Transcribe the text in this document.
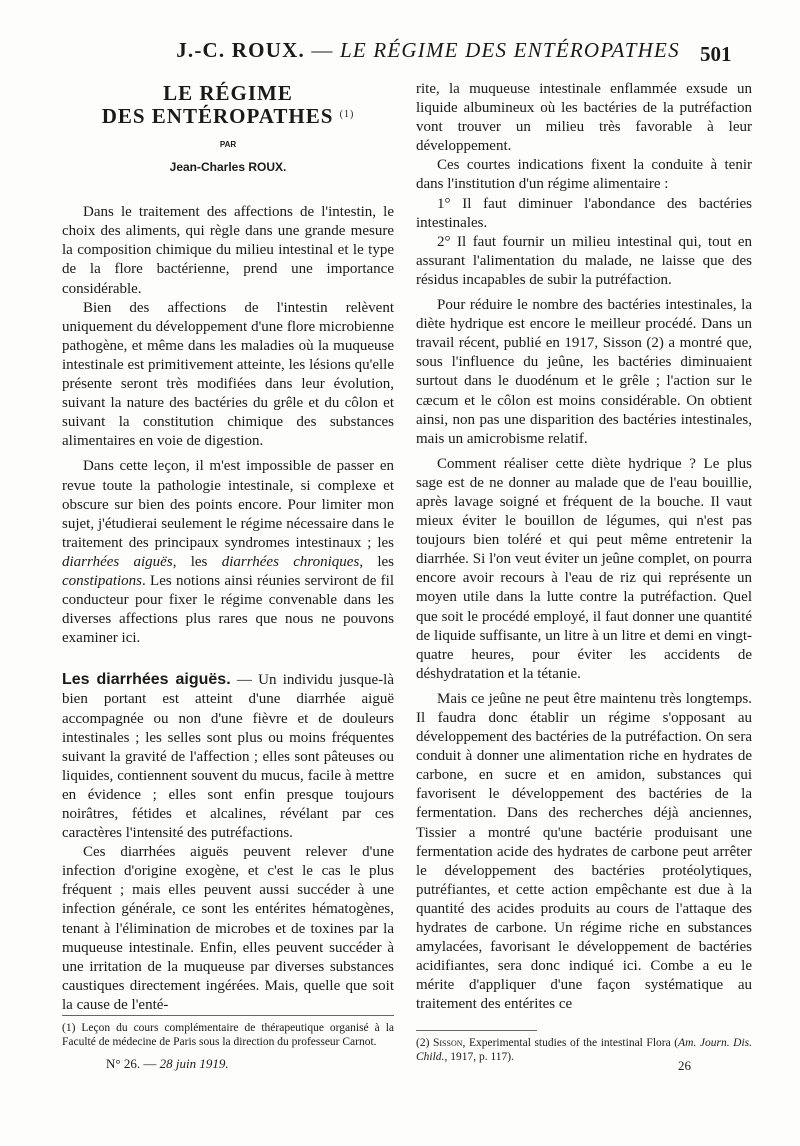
J.-C. ROUX. — LE RÉGIME DES ENTÉROPATHES 501
LE RÉGIME
DES ENTÉROPATHES $^{(1)}$
PAR
Jean-Charles ROUX.

Dans le traitement des affections de l'intestin, le choix des aliments, qui règle dans une grande mesure la composition chimique du milieu intestinal et le type de la flore bactérienne, prend une importance considérable.

Bien des affections de l'intestin relèvent uniquement du développement d'une flore microbienne pathogène, et même dans les maladies où la muqueuse intestinale est primitivement atteinte, les lésions qu'elle présente seront très modifiées dans leur évolution, suivant la nature des bactéries du grêle et du côlon et suivant la constitution chimique des substances alimentaires en voie de digestion.

Dans cette leçon, il m'est impossible de passer en revue toute la pathologie intestinale, si complexe et obscure sur bien des points encore. Pour limiter mon sujet, j'étudierai seulement le régime nécessaire dans le traitement des principaux syndromes intestinaux ; les diarrhées aiguës, les diarrhées chroniques, les constipations. Les notions ainsi réunies serviront de fil conducteur pour fixer le régime convenable dans les diverses affections plus rares que nous ne pouvons examiner ici.

Les diarrhées aiguës. — Un individu jusque-là bien portant est atteint d'une diarrhée aiguë accompagnée ou non d'une fièvre et de douleurs intestinales ; les selles sont plus ou moins fréquentes suivant la gravité de l'affection ; elles sont pâteuses ou liquides, contiennent souvent du mucus, facile à mettre en évidence ; elles sont enfin presque toujours noirâtres, fétides et alcalines, révélant par ces caractères l'intensité des putréfactions.

Ces diarrhées aiguës peuvent relever d'une infection d'origine exogène, et c'est le cas le plus fréquent ; mais elles peuvent aussi succéder à une infection générale, ce sont les entérites hématogènes, tenant à l'élimination de microbes et de toxines par la muqueuse intestinale. Enfin, elles peuvent succéder à une irritation de la muqueuse par diverses substances caustiques directement ingérées. Mais, quelle que soit la cause de l'enté-

rite, la muqueuse intestinale enflammée exsude un liquide albumineux où les bactéries de la putréfaction vont trouver un milieu très favorable à leur développement.

Ces courtes indications fixent la conduite à tenir dans l'institution d'un régime alimentaire :

1° Il faut diminuer l'abondance des bactéries intestinales.

2° Il faut fournir un milieu intestinal qui, tout en assurant l'alimentation du malade, ne laisse que des résidus incapables de subir la putréfaction.

Pour réduire le nombre des bactéries intestinales, la diète hydrique est encore le meilleur procédé. Dans un travail récent, publié en 1917, Sisson (2) a montré que, sous l'influence du jeûne, les bactéries diminuaient surtout dans le duodénum et le grêle ; l'action sur le cæcum et le côlon est moins considérable. On obtient ainsi, non pas une disparition des bactéries intestinales, mais un amicrobisme relatif.

Comment réaliser cette diète hydrique ? Le plus sage est de ne donner au malade que de l'eau bouillie, après lavage soigné et fréquent de la bouche. Il vaut mieux éviter le bouillon de légumes, qui n'est pas toujours bien toléré et qui peut même entretenir la diarrhée. Si l'on veut éviter un jeûne complet, on pourra encore avoir recours à l'eau de riz qui représente un moyen utile dans la lutte contre la putréfaction. Quel que soit le procédé employé, il faut donner une quantité de liquide suffisante, un litre à un litre et demi en vingt-quatre heures, pour éviter les accidents de déshydratation et la tétanie.

Mais ce jeûne ne peut être maintenu très longtemps. Il faudra donc établir un régime s'opposant au développement des bactéries de la putréfaction. On sera conduit à donner une alimentation riche en hydrates de carbone, en sucre et en amidon, substances qui favorisent le développement des bactéries de la fermentation. Dans des recherches déjà anciennes, Tissier a montré qu'une bactérie produisant une fermentation acide des hydrates de carbone peut arrêter le développement des bactéries protéolytiques, putréfiantes, et cette action empêchante est due à la quantité des acides produits au cours de l'attaque des hydrates de carbone. Un régime riche en substances amylacées, favorisant le développement de bactéries acidifiantes, sera donc indiqué ici. Combe a eu le mérite d'appliquer d'une façon systématique au traitement des entérites ce

(1) Leçon du cours complémentaire de thérapeutique organisé à la Faculté de médecine de Paris sous la direction du professeur Carnot.	(2) Sisson, Experimental studies of the intestinal Flora (Am. Journ. Dis. Child., 1917, p. 117).
N° 26. — 28 juin 1919.	26
